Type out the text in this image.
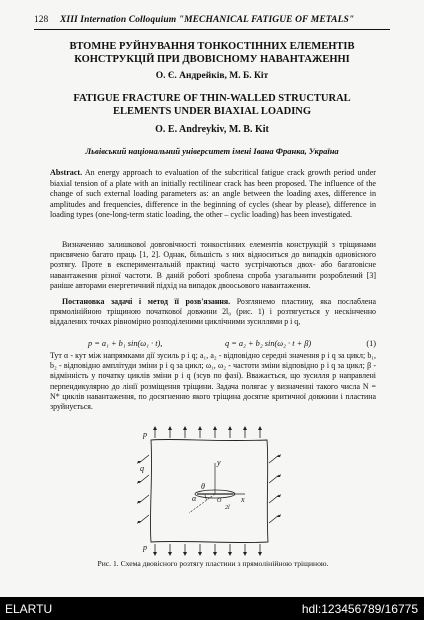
128 XIII Internation Colloquium "MECHANICAL FATIGUE OF METALS"
ВТОМНЕ РУЙНУВАННЯ ТОНКОСТІННИХ ЕЛЕМЕНТІВ
КОНСТРУКЦІЙ ПРИ ДВОВІСНОМУ НАВАНТАЖЕННІ
О. Є. Андрейків, М. Б. Кіт
FATIGUE FRACTURE OF THIN-WALLED STRUCTURAL
ELEMENTS UNDER BIAXIAL LOADING
O. E. Andreykiv, M. B. Kit
Львівський національний університет імені Івана Франка, Україна
Abstract. An energy approach to evaluation of the subcritical fatigue crack growth period under biaxial tension of a plate with an initially rectilinear crack has been proposed. The influence of the change of such external loading parameters as: an angle between the loading axes, difference in amplitudes and frequencies, difference in the beginning of cycles (shear by please), difference in loading types (one-long-term static loading, the other – cyclic loading) has been investigated.
Визначенню залишкової довговічності тонкостінних елементів конструкцій з тріщинами присвячено багато праць [1, 2]. Однак, більшість з них відноситься до випадків одновісного розтягу. Проте в експериментальній практиці часто зустрічаються двох- або багатовісне навантаження різної частоти. В даній роботі зроблена спроба узагальнити розроблений [3] раніше авторами енергетичний підхід на випадок двоосьового навантаження.
Постановка задачі і метод її розв'язання. Розглянемо пластину, яка послаблена прямолінійною тріщиною початкової довжини 2l₀ (рис. 1) і розтягується у нескінченно віддалених точках рівномірно розподіленими циклічними зусиллями p і q,
p = a₁ + b₁ sin(ω₁ · t),	q = a₂ + b₂ sin(ω₂ · t + β)	(1)
Тут α - кут між напрямками дії зусиль p і q; a₁, a₂ - відповідно середні значення p і q за цикл; b₁, b₂ - відповідно амплітуди зміни p і q за цикл; ω₁, ω₂ - частоти зміни відповідно p і q за цикл; β - відмінність у початку циклів зміни p і q (зсув по фазі). Вважається, що зусилля p направлені перпендикулярно до лінії розміщення тріщини. Задача полягає у визначенні такого числа N = N* циклів навантаження, по досягненню якого тріщина досягне критичної довжини і пластина зруйнується.
p
q
α
θ
y
x
O
2l
p
Рис. 1. Схема двовісного розтягу пластини з прямолінійною тріщиною.
ELARTU	hdl:123456789/16775
